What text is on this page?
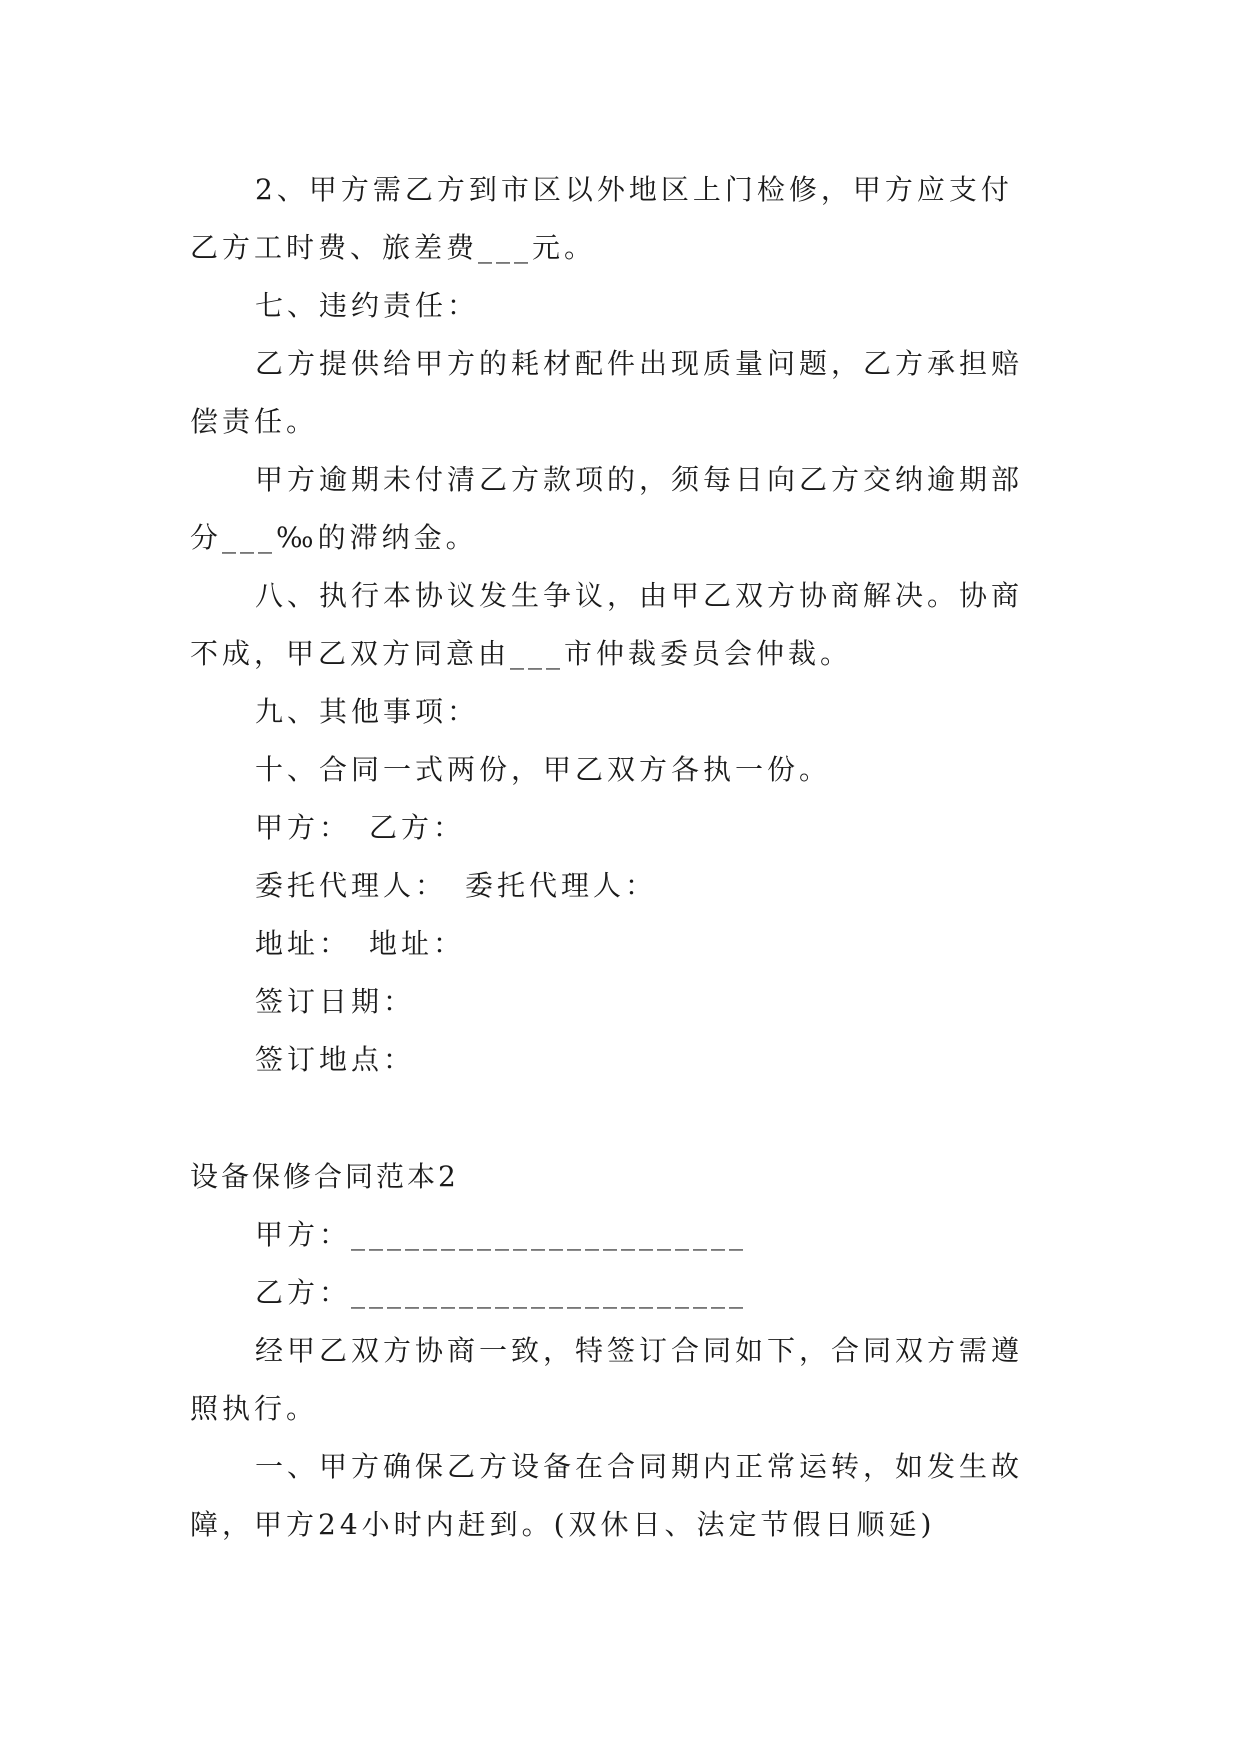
2、甲方需乙方到市区以外地区上门检修，甲方应支付
乙方工时费、旅差费___元。
七、违约责任：
乙方提供给甲方的耗材配件出现质量问题，乙方承担赔
偿责任。
甲方逾期未付清乙方款项的，须每日向乙方交纳逾期部
分___‰的滞纳金。
八、执行本协议发生争议，由甲乙双方协商解决。协商
不成，甲乙双方同意由___市仲裁委员会仲裁。
九、其他事项：
十、合同一式两份，甲乙双方各执一份。
甲方：　乙方：
委托代理人：　委托代理人：
地址：　地址：
签订日期：
签订地点：
设备保修合同范本2
甲方：______________________
乙方：______________________
经甲乙双方协商一致，特签订合同如下，合同双方需遵
照执行。
一、甲方确保乙方设备在合同期内正常运转，如发生故
障，甲方24小时内赶到。(双休日、法定节假日顺延)
